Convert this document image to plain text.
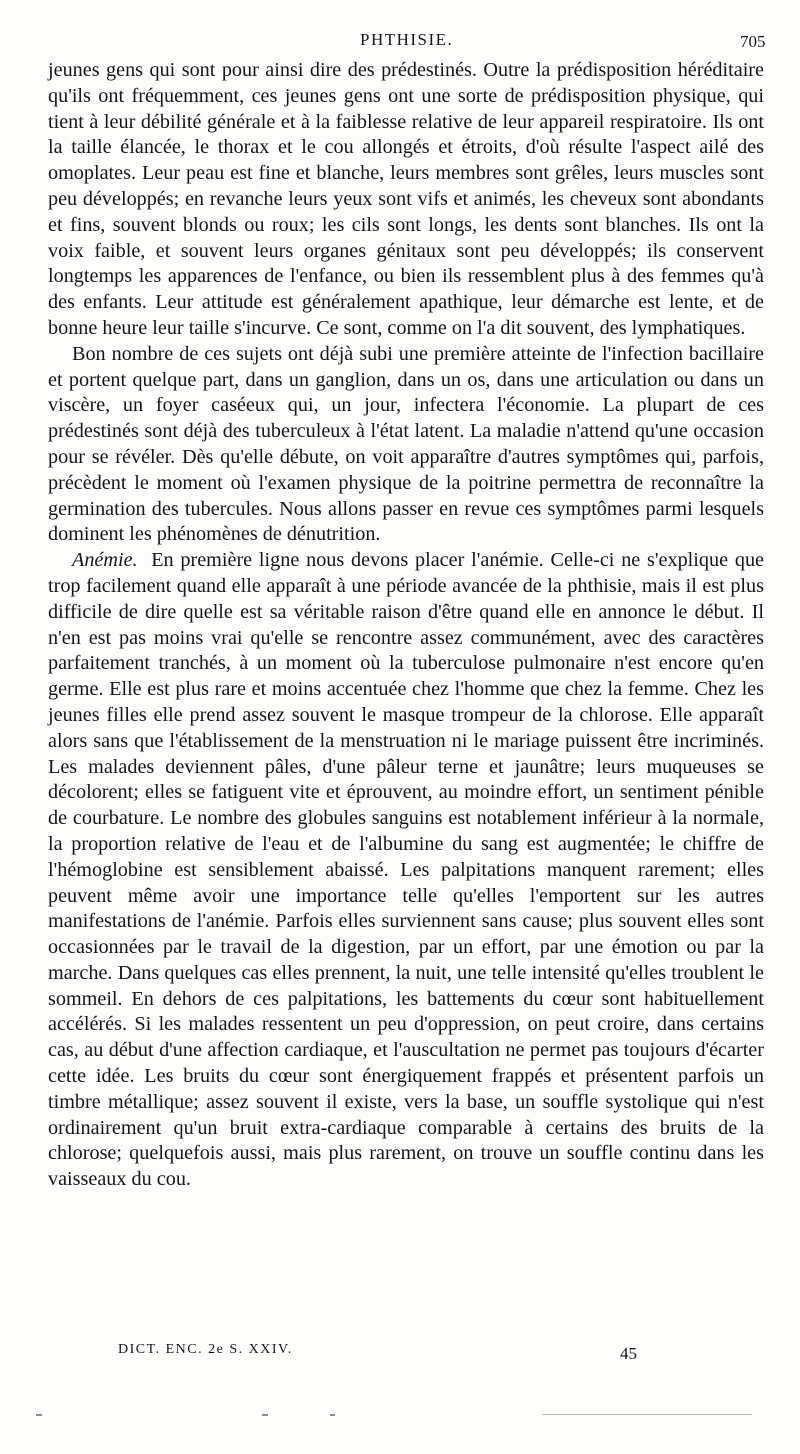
PHTHISIE.	705

jeunes gens qui sont pour ainsi dire des prédestinés. Outre la prédisposition héréditaire qu'ils ont fréquemment, ces jeunes gens ont une sorte de prédisposition physique, qui tient à leur débilité générale et à la faiblesse relative de leur appareil respiratoire. Ils ont la taille élancée, le thorax et le cou allongés et étroits, d'où résulte l'aspect ailé des omoplates. Leur peau est fine et blanche, leurs membres sont grêles, leurs muscles sont peu développés; en revanche leurs yeux sont vifs et animés, les cheveux sont abondants et fins, souvent blonds ou roux; les cils sont longs, les dents sont blanches. Ils ont la voix faible, et souvent leurs organes génitaux sont peu développés; ils conservent longtemps les apparences de l'enfance, ou bien ils ressemblent plus à des femmes qu'à des enfants. Leur attitude est généralement apathique, leur démarche est lente, et de bonne heure leur taille s'incurve. Ce sont, comme on l'a dit souvent, des lymphatiques.

Bon nombre de ces sujets ont déjà subi une première atteinte de l'infection bacillaire et portent quelque part, dans un ganglion, dans un os, dans une articulation ou dans un viscère, un foyer caséeux qui, un jour, infectera l'économie. La plupart de ces prédestinés sont déjà des tuberculeux à l'état latent. La maladie n'attend qu'une occasion pour se révéler. Dès qu'elle débute, on voit apparaître d'autres symptômes qui, parfois, précèdent le moment où l'examen physique de la poitrine permettra de reconnaître la germination des tubercules. Nous allons passer en revue ces symptômes parmi lesquels dominent les phénomènes de dénutrition.

Anémie. En première ligne nous devons placer l'anémie. Celle-ci ne s'explique que trop facilement quand elle apparaît à une période avancée de la phthisie, mais il est plus difficile de dire quelle est sa véritable raison d'être quand elle en annonce le début. Il n'en est pas moins vrai qu'elle se rencontre assez communément, avec des caractères parfaitement tranchés, à un moment où la tuberculose pulmonaire n'est encore qu'en germe. Elle est plus rare et moins accentuée chez l'homme que chez la femme. Chez les jeunes filles elle prend assez souvent le masque trompeur de la chlorose. Elle apparaît alors sans que l'établissement de la menstruation ni le mariage puissent être incriminés. Les malades deviennent pâles, d'une pâleur terne et jaunâtre; leurs muqueuses se décolorent; elles se fatiguent vite et éprouvent, au moindre effort, un sentiment pénible de courbature. Le nombre des globules sanguins est notablement inférieur à la normale, la proportion relative de l'eau et de l'albumine du sang est augmentée; le chiffre de l'hémoglobine est sensiblement abaissé. Les palpitations manquent rarement; elles peuvent même avoir une importance telle qu'elles l'emportent sur les autres manifestations de l'anémie. Parfois elles surviennent sans cause; plus souvent elles sont occasionnées par le travail de la digestion, par un effort, par une émotion ou par la marche. Dans quelques cas elles prennent, la nuit, une telle intensité qu'elles troublent le sommeil. En dehors de ces palpitations, les battements du cœur sont habituellement accélérés. Si les malades ressentent un peu d'oppression, on peut croire, dans certains cas, au début d'une affection cardiaque, et l'auscultation ne permet pas toujours d'écarter cette idée. Les bruits du cœur sont énergiquement frappés et présentent parfois un timbre métallique; assez souvent il existe, vers la base, un souffle systolique qui n'est ordinairement qu'un bruit extra-cardiaque comparable à certains des bruits de la chlorose; quelquefois aussi, mais plus rarement, on trouve un souffle continu dans les vaisseaux du cou.

DICT. ENC. 2e S. XXIV.	45
